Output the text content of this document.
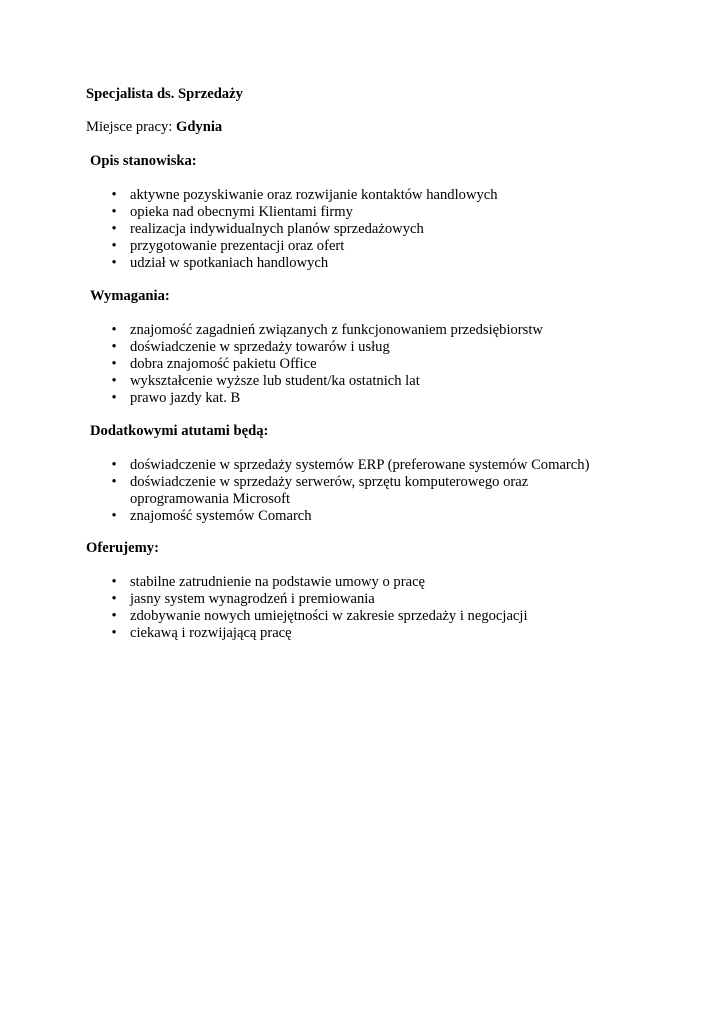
Specjalista ds. Sprzedaży
Miejsce pracy: Gdynia
Opis stanowiska:
• aktywne pozyskiwanie oraz rozwijanie kontaktów handlowych
• opieka nad obecnymi Klientami firmy
• realizacja indywidualnych planów sprzedażowych
• przygotowanie prezentacji oraz ofert
• udział w spotkaniach handlowych
Wymagania:
• znajomość zagadnień związanych z funkcjonowaniem przedsiębiorstw
• doświadczenie w sprzedaży towarów i usług
• dobra znajomość pakietu Office
• wykształcenie wyższe lub student/ka ostatnich lat
• prawo jazdy kat. B
Dodatkowymi atutami będą:
• doświadczenie w sprzedaży systemów ERP (preferowane systemów Comarch)
• doświadczenie w sprzedaży serwerów, sprzętu komputerowego oraz oprogramowania Microsoft
• znajomość systemów Comarch
Oferujemy:
• stabilne zatrudnienie na podstawie umowy o pracę
• jasny system wynagrodzeń i premiowania
• zdobywanie nowych umiejętności w zakresie sprzedaży i negocjacji
• ciekawą i rozwijającą pracę
